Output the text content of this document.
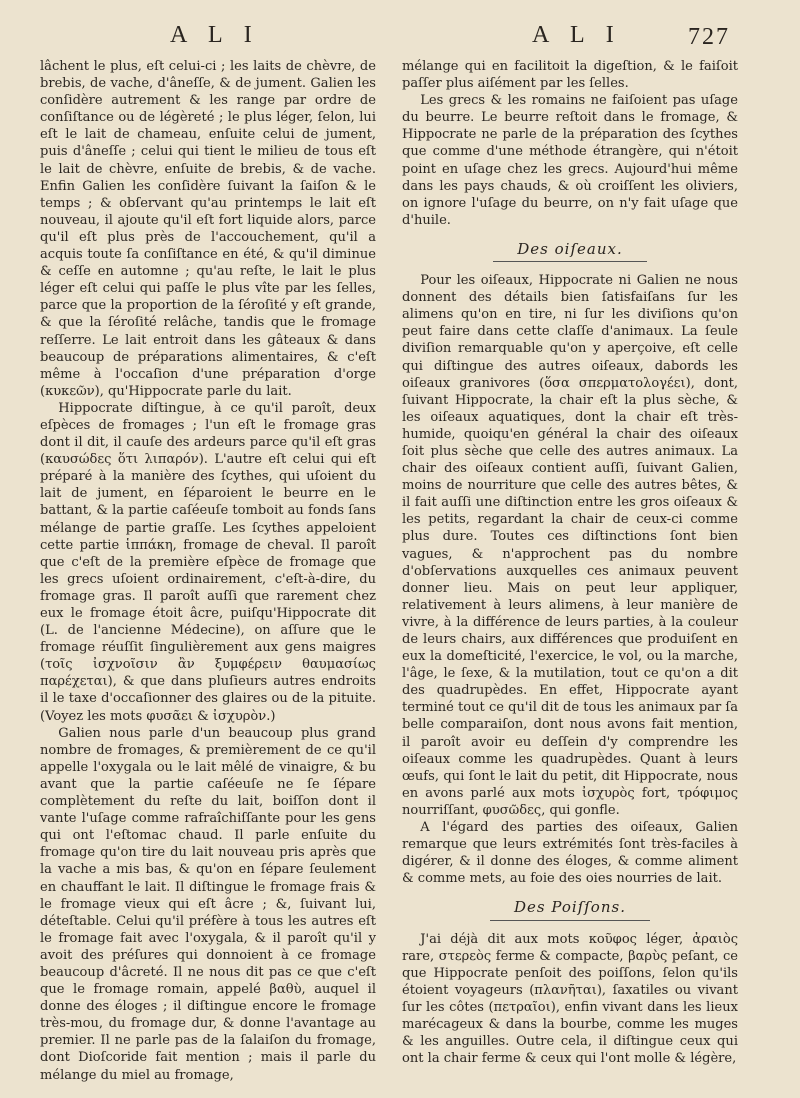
A L I	A L I	727

lâchent le plus, eſt celui-ci ; les laits de chèvre, de brebis, de vache, d'âneſſe, & de jument. Galien les conſidère autrement & les range par ordre de conſiſtance ou de légèreté ; le plus léger, ſelon, lui eſt le lait de chameau, enſuite celui de jument, puis d'âneſſe ; celui qui tient le milieu de tous eſt le lait de chèvre, enſuite de brebis, & de vache. Enfin Galien les conſidère ſuivant la ſaiſon & le temps ; & obſervant qu'au printemps le lait eſt nouveau, il ajoute qu'il eſt fort liquide alors, parce qu'il eſt plus près de l'accouchement, qu'il a acquis toute ſa conſiſtance en été, & qu'il diminue & ceſſe en automne ; qu'au reſte, le lait le plus léger eſt celui qui paſſe le plus vîte par les ſelles, parce que la proportion de la ſéroſité y eſt grande, & que la ſéroſité relâche, tandis que le fromage reſſerre. Le lait entroit dans les gâteaux & dans beaucoup de préparations alimentaires, & c'eſt même à l'occaſion d'une préparation d'orge (κυκεῶν), qu'Hippocrate parle du lait.

Hippocrate diſtingue, à ce qu'il paroît, deux eſpèces de fromages ; l'un eſt le fromage gras dont il dit, il cauſe des ardeurs parce qu'il eſt gras (καυσώδες ὅτι λιπαρόν). L'autre eſt celui qui eſt préparé à la manière des ſcythes, qui uſoient du lait de jument, en ſéparoient le beurre en le battant, & la partie caſéeuſe tomboit au fonds ſans mélange de partie graſſe. Les ſcythes appeloient cette partie ἱππάκη, fromage de cheval. Il paroît que c'eſt de la première eſpèce de fromage que les grecs uſoient ordinairement, c'eſt-à-dire, du fromage gras. Il paroît auſſi que rarement chez eux le fromage étoit âcre, puiſqu'Hippocrate dit (L. de l'ancienne Médecine), on aſſure que le fromage réuſſit ſingulièrement aux gens maigres (τοῖς ἰσχνοῖσιν ἂν ξυμφέρειν θαυμασίως παρέχεται), & que dans pluſieurs autres endroits il le taxe d'occaſionner des glaires ou de la pituite. (Voyez les mots φυσᾶει & ἰσχυρὸν.)

Galien nous parle d'un beaucoup plus grand nombre de fromages, & premièrement de ce qu'il appelle l'oxygala ou le lait mêlé de vinaigre, & bu avant que la partie caſéeuſe ne ſe ſépare complètement du reſte du lait, boiſſon dont il vante l'uſage comme rafraîchiſſante pour les gens qui ont l'eſtomac chaud. Il parle enſuite du fromage qu'on tire du lait nouveau pris après que la vache a mis bas, & qu'on en ſépare ſeulement en chauffant le lait. Il diſtingue le fromage frais & le fromage vieux qui eſt âcre ; &, ſuivant lui, déteſtable. Celui qu'il préfère à tous les autres eſt le fromage fait avec l'oxygala, & il paroît qu'il y avoit des préſures qui donnoient à ce fromage beaucoup d'âcreté. Il ne nous dit pas ce que c'eſt que le fromage romain, appelé βαθὺ, auquel il donne des éloges ; il diſtingue encore le fromage très-mou, du fromage dur, & donne l'avantage au premier. Il ne parle pas de la ſalaiſon du fromage, dont Dioſcoride fait mention ; mais il parle du mélange du miel au fromage,

mélange qui en facilitoit la digeſtion, & le faiſoit paſſer plus aiſément par les ſelles.

Les grecs & les romains ne faiſoient pas uſage du beurre. Le beurre reſtoit dans le fromage, & Hippocrate ne parle de la préparation des ſcythes que comme d'une méthode étrangère, qui n'étoit point en uſage chez les grecs. Aujourd'hui même dans les pays chauds, & où croiſſent les oliviers, on ignore l'uſage du beurre, on n'y fait uſage que d'huile.

Des oiſeaux.

Pour les oiſeaux, Hippocrate ni Galien ne nous donnent des détails bien ſatisfaiſans ſur les alimens qu'on en tire, ni ſur les diviſions qu'on peut faire dans cette claſſe d'animaux. La ſeule diviſion remarquable qu'on y aperçoive, eſt celle qui diſtingue des autres oiſeaux, dabords les oiſeaux granivores (ὅσα σπερματολογέει), dont, ſuivant Hippocrate, la chair eſt la plus sèche, & les oiſeaux aquatiques, dont la chair eſt très-humide, quoiqu'en général la chair des oiſeaux ſoit plus sèche que celle des autres animaux. La chair des oiſeaux contient auſſi, ſuivant Galien, moins de nourriture que celle des autres bêtes, & il fait auſſi une diſtinction entre les gros oiſeaux & les petits, regardant la chair de ceux-ci comme plus dure. Toutes ces diſtinctions ſont bien vagues, & n'approchent pas du nombre d'obſervations auxquelles ces animaux peuvent donner lieu. Mais on peut leur appliquer, relativement à leurs alimens, à leur manière de vivre, à la différence de leurs parties, à la couleur de leurs chairs, aux différences que produiſent en eux la domeſticité, l'exercice, le vol, ou la marche, l'âge, le ſexe, & la mutilation, tout ce qu'on a dit des quadrupèdes. En effet, Hippocrate ayant terminé tout ce qu'il dit de tous les animaux par ſa belle comparaiſon, dont nous avons fait mention, il paroît avoir eu deſſein d'y comprendre les oiſeaux comme les quadrupèdes. Quant à leurs œufs, qui ſont le lait du petit, dit Hippocrate, nous en avons parlé aux mots ἰσχυρὸς fort, τρόφιμος nourriſſant, φυσῶδες, qui gonfle.

A l'égard des parties des oiſeaux, Galien remarque que leurs extrémités ſont très-faciles à digérer, & il donne des éloges, & comme aliment & comme mets, au foie des oies nourries de lait.

Des Poiſſons.

J'ai déjà dit aux mots κοῦφος léger, ἀραιὸς rare, στερεὸς ferme & compacte, βαρὺς peſant, ce que Hippocrate penſoit des poiſſons, ſelon qu'ils étoient voyageurs (πλανῆται), ſaxatiles ou vivant ſur les côtes (πετραῖοι), enfin vivant dans les lieux marécageux & dans la bourbe, comme les muges & les anguilles. Outre cela, il diſtingue ceux qui ont la chair ferme & ceux qui l'ont molle & légère,
